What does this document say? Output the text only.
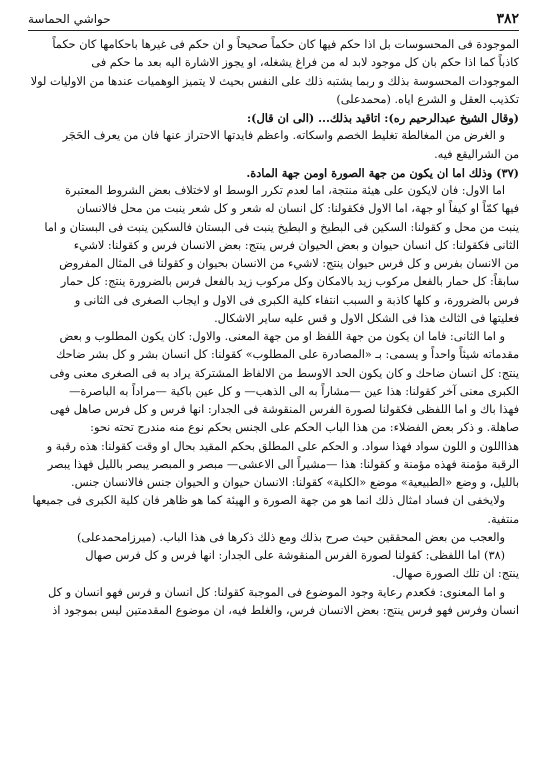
٣٨٢
حواشي الحماسة
الموجودة فى المحسوسات بل اذا حكم فيها كان حكماً صحيحاً و ان حكم فى غيرها باحكامها كان حكماً
كاذباً كما اذا حكم بان كل موجود لابد له من فراغ يشغله، او يجوز الاشارة اليه بعد ما حكم فى
الموجودات المحسوسة بذلك و ربما يشتبه ذلك على النفس بحيث لا يتميز الوهميات عندها من الاوليات لولا
تكذيب العقل و الشرع اياه. (محمدعلى)
(وقال الشيخ عبدالرحيم ره): اتاقيد بذلك... (الى ان قال):
و الغرض من المغالطة تغليط الخصم واسكاته. واعظم فايدتها الاحتراز عنها فان من يعرف الحَجَر
من الشراليقع فيه.
(٣٧) وذلك اما ان يكون من جهة الصورة اومن جهة المادة.
اما الاول: فان لايكون على هيئة منتجة، اما لعدم تكرر الوسط او لاختلاف بعض الشروط المعتبرة
فيها كمّاً او كيفاً او جهة، اما الاول فكقولنا: كل انسان له شعر و كل شعر ينبت من محل فالانسان
ينبت من محل و كقولنا: السكين فى البطيخ و البطيخ ينبت فى البستان فالسكين ينبت فى البستان و اما
الثانى فكقولنا: كل انسان حيوان و بعض الحيوان فرس ينتج: بعض الانسان فرس و كقولنا: لاشيء
من الانسان بفرس و كل فرس حيوان ينتج: لاشيء من الانسان بحيوان و كقولنا فى المثال المفروض
سابقاً: كل حمار بالفعل مركوب زيد بالامكان وكل مركوب زيد بالفعل فرس بالضرورة ينتج: كل حمار
فرس بالضرورة، و كلها كاذبة و السبب انتفاء كلية الكبرى فى الاول و ايجاب الصغرى فى الثانى و
فعليتها فى الثالث هذا فى الشكل الاول و قس عليه ساير الاشكال.
و اما الثانى: فاما ان يكون من جهة اللفظ او من جهة المعنى. والاول: كان يكون المطلوب و بعض
مقدماته شيئاً واحداً و يسمى: بـ «المصادرة على المطلوب» كقولنا: كل انسان بشر و كل بشر ضاحك
ينتج: كل انسان ضاحك و كان يكون الحد الاوسط من الالفاظ المشتركة يراد به فى الصغرى معنى وفى
الكبرى معنى آخر كقولنا: هذا عين —مشاراً به الى الذهب— و كل عين باكية —مراداً به الباصرة—
فهذا باك و اما اللفظى فكقولنا لصورة الفرس المنقوشة فى الجدار: انها فرس و كل فرس صاهل فهى
صاهلة. و ذكر بعض الفضلاء: من هذا الباب الحكم على الجنس بحكم نوع منه مندرج تحته نحو:
هذااللون و اللون سواد فهذا سواد. و الحكم على المطلق بحكم المقيد بحال او وقت كقولنا: هذه رقبة و
الرقبة مؤمنة فهذه مؤمنة و كقولنا: هذا —مشيراً الى الاعشى— مبصر و المبصر يبصر بالليل فهذا يبصر
بالليل، و وضع «الطبيعية» موضع «الكلية» كقولنا: الانسان حيوان و الحيوان جنس فالانسان جنس.
ولايخفى ان فساد امثال ذلك انما هو من جهة الصورة و الهيئة كما هو ظاهر فان كلية الكبرى فى جميعها
منتفية.
والعجب من بعض المحققين حيث صرح بذلك ومع ذلك ذكرها فى هذا الباب. (ميرزامحمدعلى)
(٣٨) اما اللفظى: كقولنا لصورة الفرس المنقوشة على الجدار: انها فرس و كل فرس صهال
ينتج: ان تلك الصورة صهال.
و اما المعنوى: فكعدم رعاية وجود الموضوع فى الموجبة كقولنا: كل انسان و فرس فهو انسان و كل
انسان وفرس فهو فرس ينتج: بعض الانسان فرس، والغلط فيه، ان موضوع المقدمتين ليس بموجود اذ
